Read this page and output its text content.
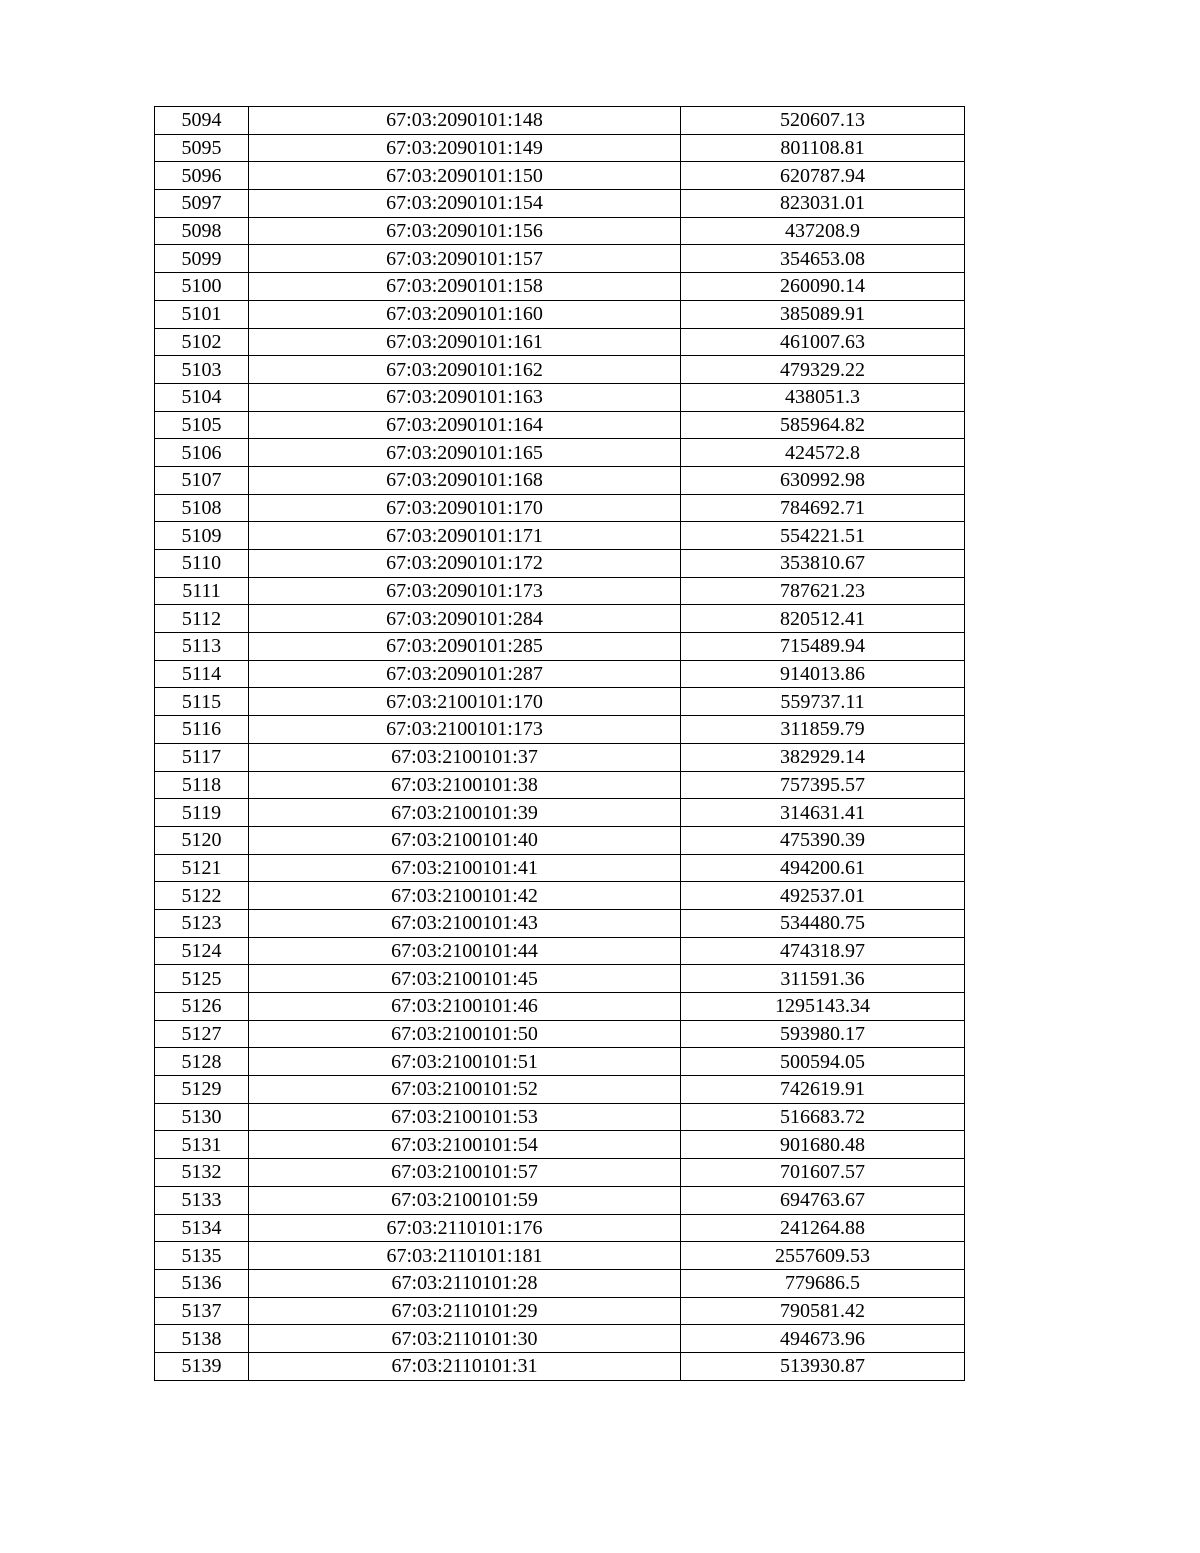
5094	67:03:2090101:148	520607.13
5095	67:03:2090101:149	801108.81
5096	67:03:2090101:150	620787.94
5097	67:03:2090101:154	823031.01
5098	67:03:2090101:156	437208.9
5099	67:03:2090101:157	354653.08
5100	67:03:2090101:158	260090.14
5101	67:03:2090101:160	385089.91
5102	67:03:2090101:161	461007.63
5103	67:03:2090101:162	479329.22
5104	67:03:2090101:163	438051.3
5105	67:03:2090101:164	585964.82
5106	67:03:2090101:165	424572.8
5107	67:03:2090101:168	630992.98
5108	67:03:2090101:170	784692.71
5109	67:03:2090101:171	554221.51
5110	67:03:2090101:172	353810.67
5111	67:03:2090101:173	787621.23
5112	67:03:2090101:284	820512.41
5113	67:03:2090101:285	715489.94
5114	67:03:2090101:287	914013.86
5115	67:03:2100101:170	559737.11
5116	67:03:2100101:173	311859.79
5117	67:03:2100101:37	382929.14
5118	67:03:2100101:38	757395.57
5119	67:03:2100101:39	314631.41
5120	67:03:2100101:40	475390.39
5121	67:03:2100101:41	494200.61
5122	67:03:2100101:42	492537.01
5123	67:03:2100101:43	534480.75
5124	67:03:2100101:44	474318.97
5125	67:03:2100101:45	311591.36
5126	67:03:2100101:46	1295143.34
5127	67:03:2100101:50	593980.17
5128	67:03:2100101:51	500594.05
5129	67:03:2100101:52	742619.91
5130	67:03:2100101:53	516683.72
5131	67:03:2100101:54	901680.48
5132	67:03:2100101:57	701607.57
5133	67:03:2100101:59	694763.67
5134	67:03:2110101:176	241264.88
5135	67:03:2110101:181	2557609.53
5136	67:03:2110101:28	779686.5
5137	67:03:2110101:29	790581.42
5138	67:03:2110101:30	494673.96
5139	67:03:2110101:31	513930.87
